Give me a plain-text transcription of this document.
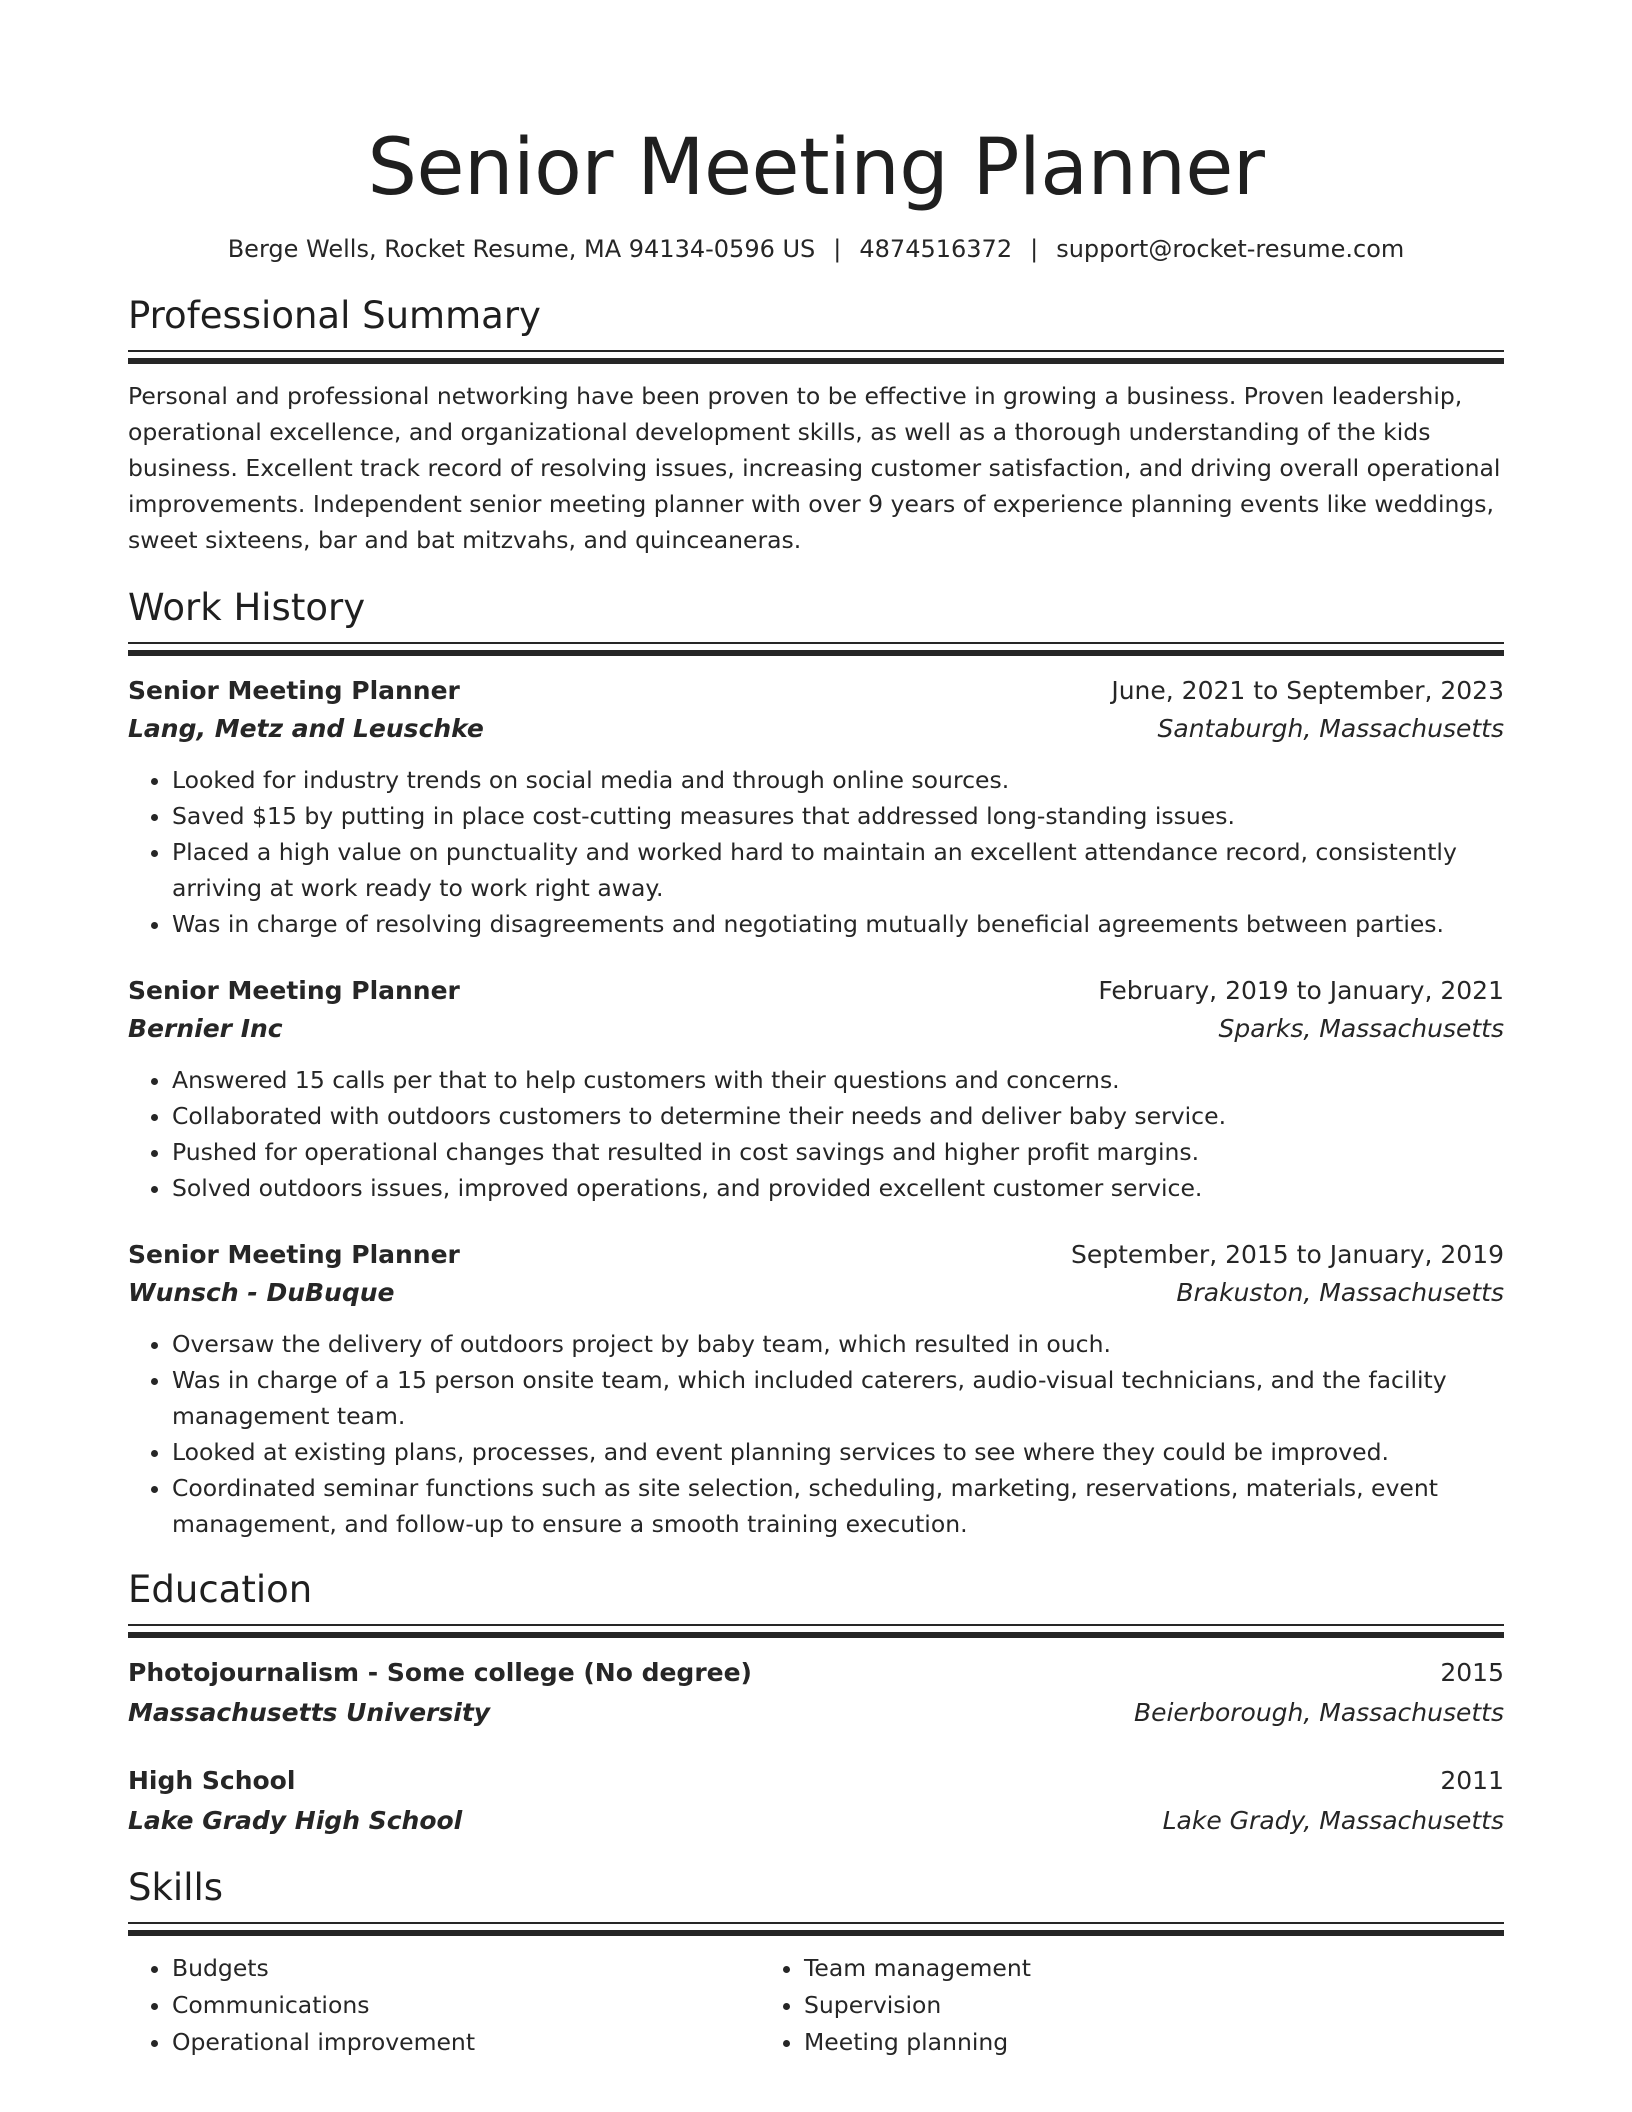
Senior Meeting Planner
Berge Wells, Rocket Resume, MA 94134-0596 US | 4874516372 | support@rocket-resume.com
Professional Summary

Personal and professional networking have been proven to be effective in growing a business. Proven leadership, operational excellence, and organizational development skills, as well as a thorough understanding of the kids business. Excellent track record of resolving issues, increasing customer satisfaction, and driving overall operational improvements. Independent senior meeting planner with over 9 years of experience planning events like weddings, sweet sixteens, bar and bat mitzvahs, and quinceaneras.

Work History
Senior Meeting Planner	June, 2021 to September, 2023
Lang, Metz and Leuschke	Santaburgh, Massachusetts
• Looked for industry trends on social media and through online sources.
• Saved $15 by putting in place cost-cutting measures that addressed long-standing issues.
• Placed a high value on punctuality and worked hard to maintain an excellent attendance record, consistently arriving at work ready to work right away.
• Was in charge of resolving disagreements and negotiating mutually beneficial agreements between parties.
Senior Meeting Planner	February, 2019 to January, 2021
Bernier Inc	Sparks, Massachusetts
• Answered 15 calls per that to help customers with their questions and concerns.
• Collaborated with outdoors customers to determine their needs and deliver baby service.
• Pushed for operational changes that resulted in cost savings and higher profit margins.
• Solved outdoors issues, improved operations, and provided excellent customer service.
Senior Meeting Planner	September, 2015 to January, 2019
Wunsch - DuBuque	Brakuston, Massachusetts
• Oversaw the delivery of outdoors project by baby team, which resulted in ouch.
• Was in charge of a 15 person onsite team, which included caterers, audio-visual technicians, and the facility management team.
• Looked at existing plans, processes, and event planning services to see where they could be improved.
• Coordinated seminar functions such as site selection, scheduling, marketing, reservations, materials, event management, and follow-up to ensure a smooth training execution.
Education
Photojournalism - Some college (No degree)	2015
Massachusetts University	Beierborough, Massachusetts
High School	2011
Lake Grady High School	Lake Grady, Massachusetts
Skills
• Budgets
• Communications
• Operational improvement
• Team management
• Supervision
• Meeting planning
